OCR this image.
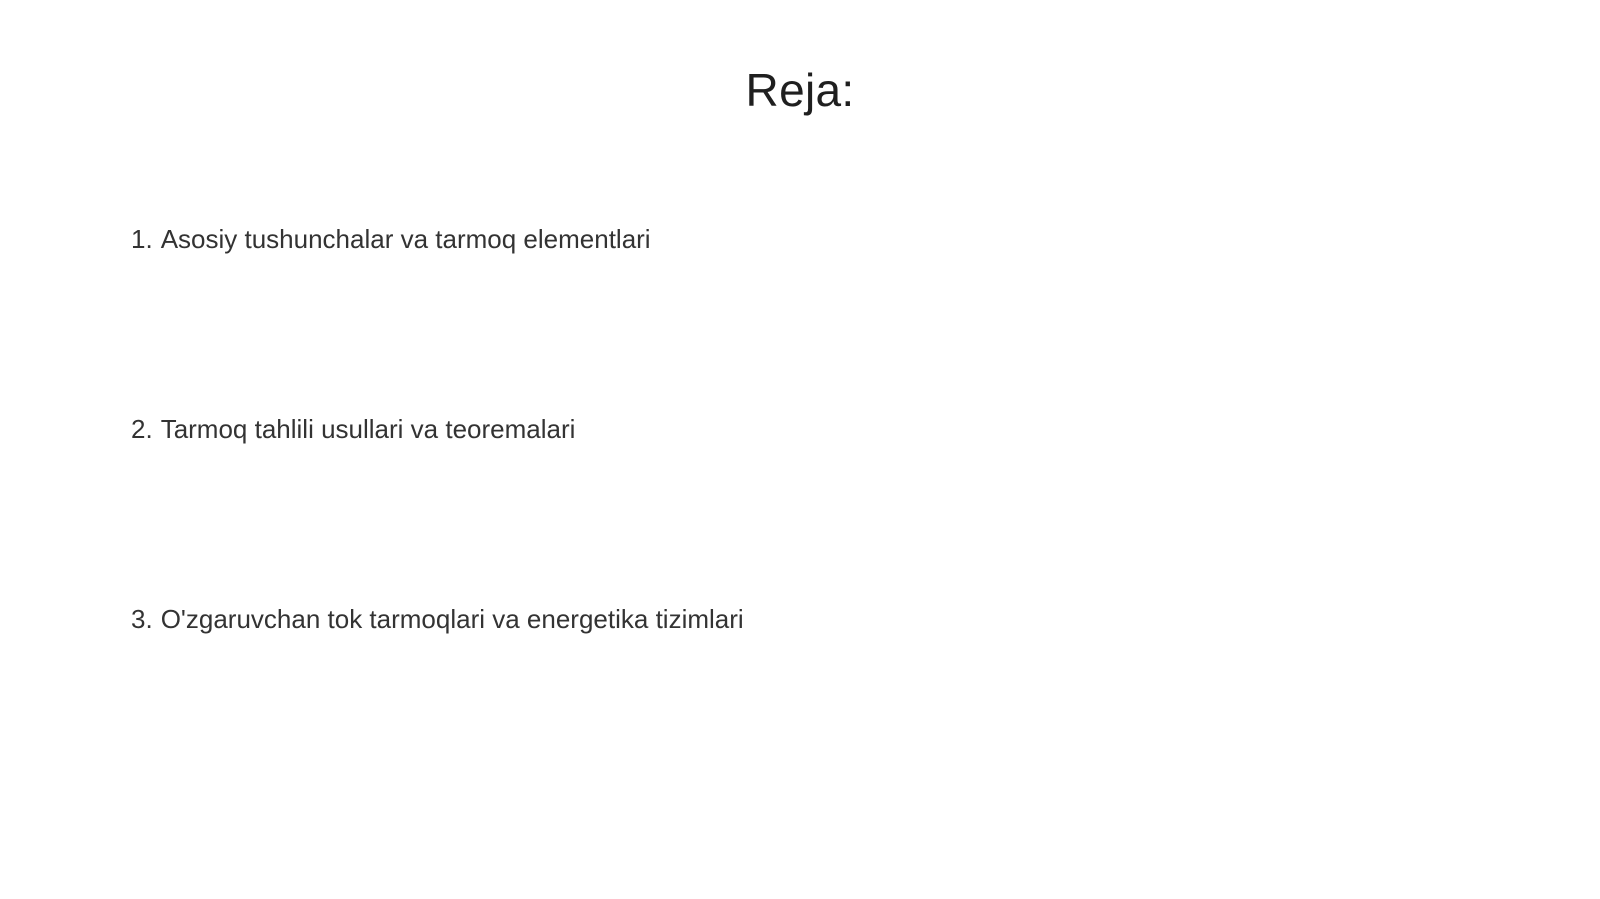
Reja:
1. Asosiy tushunchalar va tarmoq elementlari
2. Tarmoq tahlili usullari va teoremalari
3. O'zgaruvchan tok tarmoqlari va energetika tizimlari
